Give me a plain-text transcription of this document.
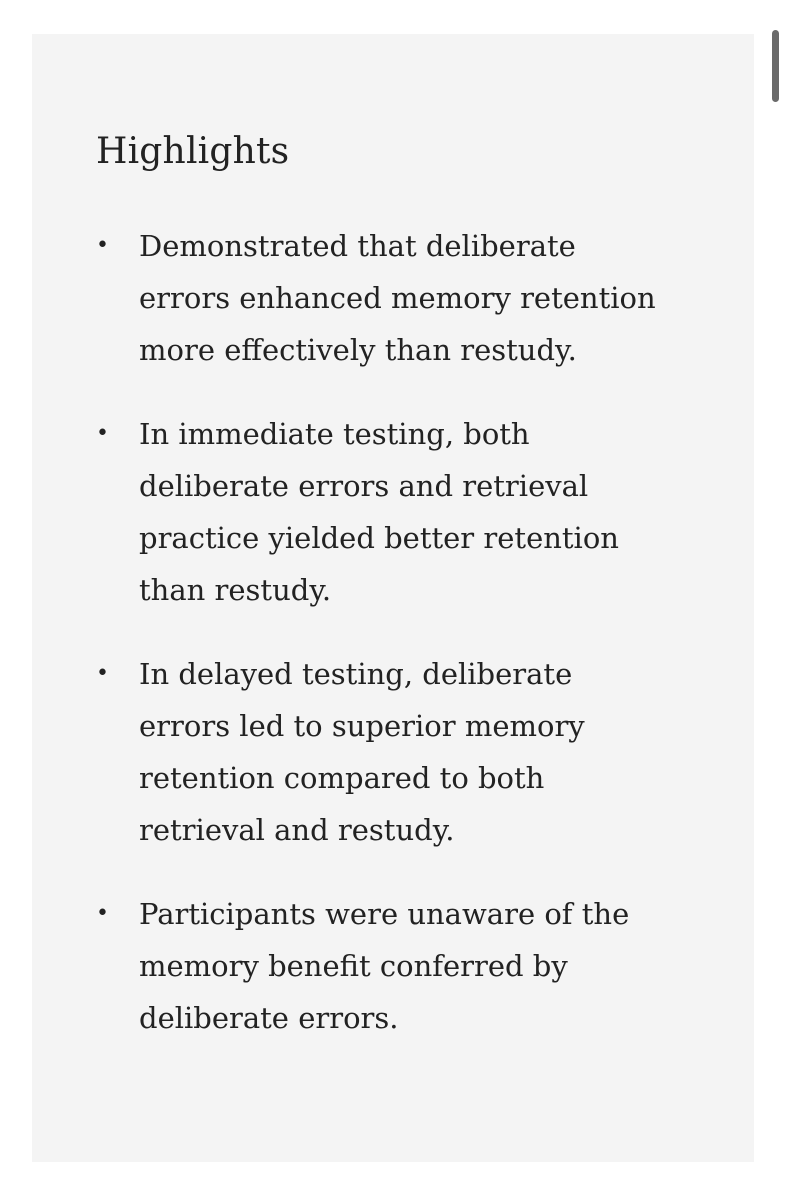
Highlights
• Demonstrated that deliberate errors enhanced memory retention more effectively than restudy.
• In immediate testing, both deliberate errors and retrieval practice yielded better retention than restudy.
• In delayed testing, deliberate errors led to superior memory retention compared to both retrieval and restudy.
• Participants were unaware of the memory benefit conferred by deliberate errors.
